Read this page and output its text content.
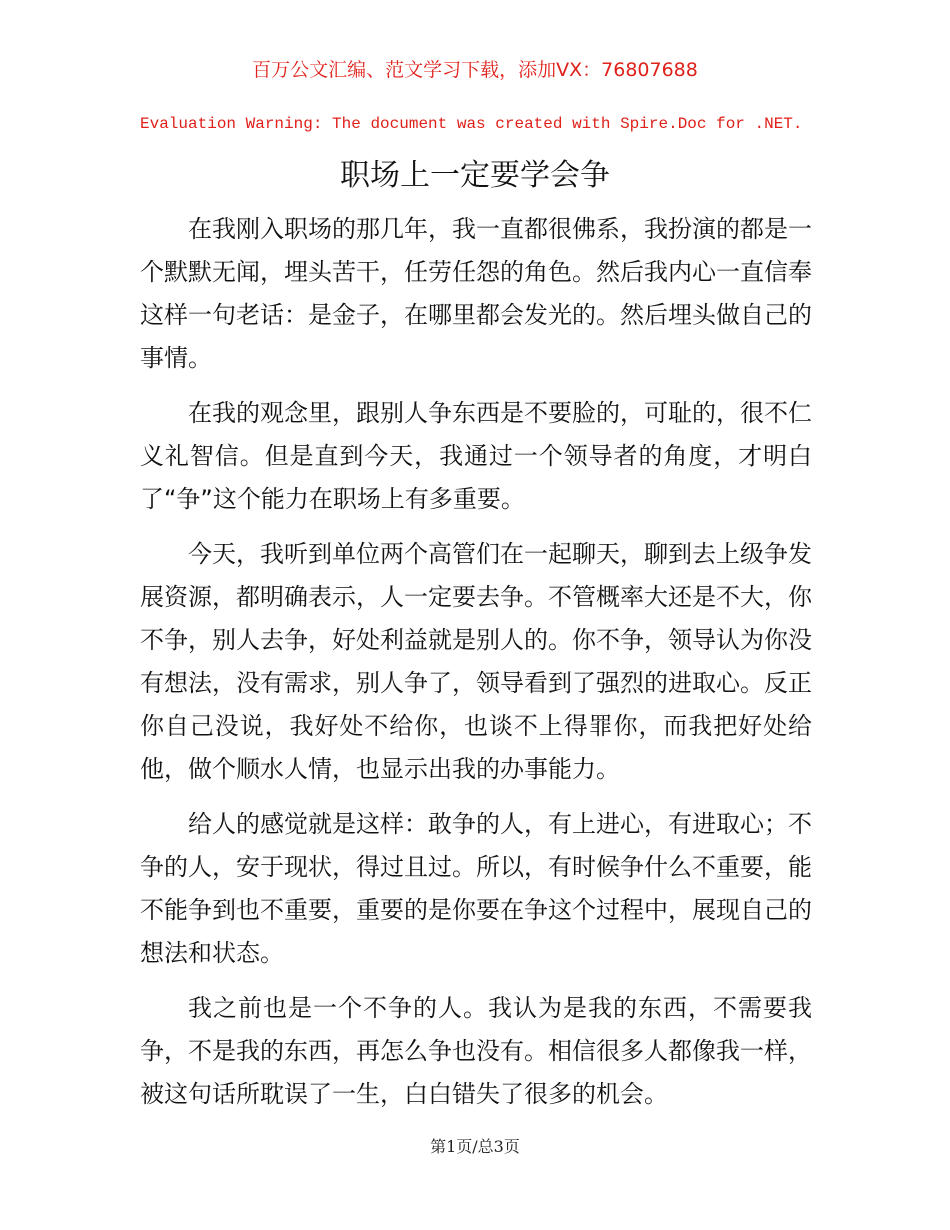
百万公文汇编、范文学习下载，添加VX：76807688
Evaluation Warning: The document was created with Spire.Doc for .NET.
职场上一定要学会争

在我刚入职场的那几年，我一直都很佛系，我扮演的都是一个默默无闻，埋头苦干，任劳任怨的角色。然后我内心一直信奉这样一句老话：是金子，在哪里都会发光的。然后埋头做自己的事情。

在我的观念里，跟别人争东西是不要脸的，可耻的，很不仁义礼智信。但是直到今天，我通过一个领导者的角度，才明白了“争”这个能力在职场上有多重要。

今天，我听到单位两个高管们在一起聊天，聊到去上级争发展资源，都明确表示，人一定要去争。不管概率大还是不大，你不争，别人去争，好处利益就是别人的。你不争，领导认为你没有想法，没有需求，别人争了，领导看到了强烈的进取心。反正你自己没说，我好处不给你，也谈不上得罪你，而我把好处给他，做个顺水人情，也显示出我的办事能力。

给人的感觉就是这样：敢争的人，有上进心，有进取心；不争的人，安于现状，得过且过。所以，有时候争什么不重要，能不能争到也不重要，重要的是你要在争这个过程中，展现自己的想法和状态。

我之前也是一个不争的人。我认为是我的东西，不需要我争，不是我的东西，再怎么争也没有。相信很多人都像我一样，被这句话所耽误了一生，白白错失了很多的机会。

第1页/总3页
